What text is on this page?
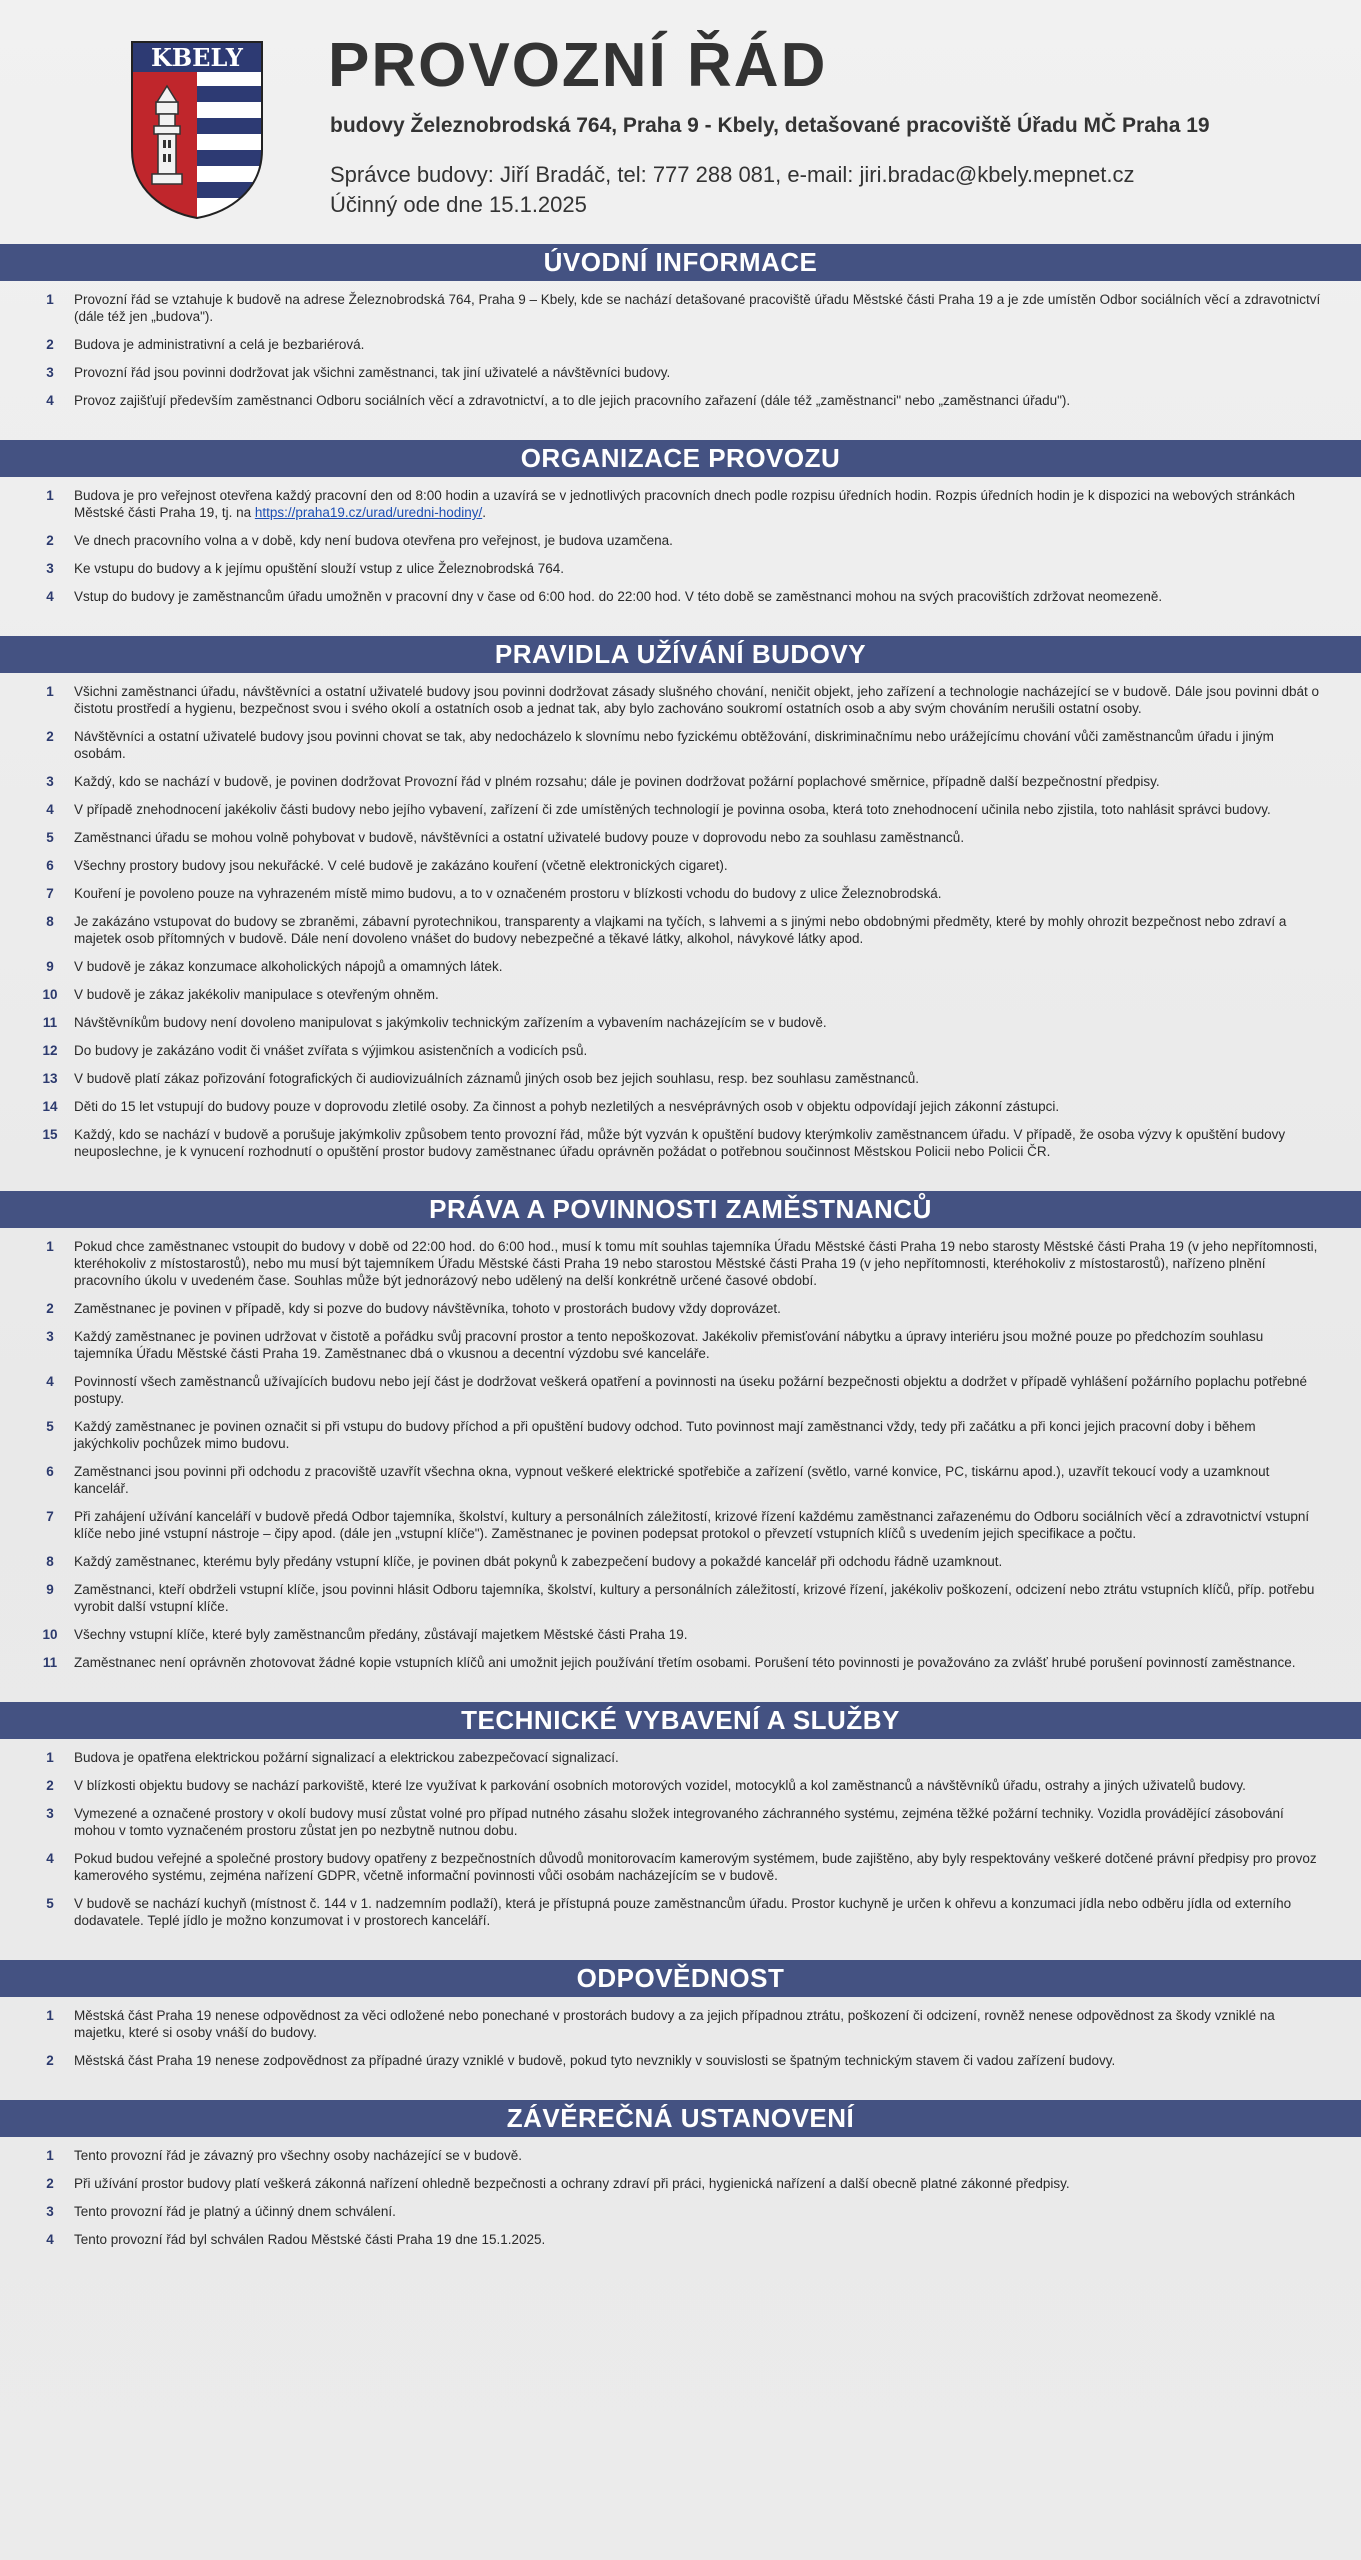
KBELY PROVOZNÍ ŘÁD
budovy Železnobrodská 764, Praha 9 - Kbely, detašované pracoviště Úřadu MČ Praha 19
Správce budovy: Jiří Bradáč, tel: 777 288 081, e-mail: jiri.bradac@kbely.mepnet.cz
Účinný ode dne 15.1.2025
ÚVODNÍ INFORMACE
1	Provozní řád se vztahuje k budově na adrese Železnobrodská 764, Praha 9 – Kbely, kde se nachází detašované pracoviště úřadu Městské části Praha 19 a je zde umístěn Odbor sociálních věcí a zdravotnictví (dále též jen „budova").
2	Budova je administrativní a celá je bezbariérová.
3	Provozní řád jsou povinni dodržovat jak všichni zaměstnanci, tak jiní uživatelé a návštěvníci budovy.
4	Provoz zajišťují především zaměstnanci Odboru sociálních věcí a zdravotnictví, a to dle jejich pracovního zařazení (dále též „zaměstnanci" nebo „zaměstnanci úřadu").
ORGANIZACE PROVOZU
1	Budova je pro veřejnost otevřena každý pracovní den od 8:00 hodin a uzavírá se v jednotlivých pracovních dnech podle rozpisu úředních hodin. Rozpis úředních hodin je k dispozici na webových stránkách Městské části Praha 19, tj. na https://praha19.cz/urad/uredni-hodiny/.
2	Ve dnech pracovního volna a v době, kdy není budova otevřena pro veřejnost, je budova uzamčena.
3	Ke vstupu do budovy a k jejímu opuštění slouží vstup z ulice Železnobrodská 764.
4	Vstup do budovy je zaměstnancům úřadu umožněn v pracovní dny v čase od 6:00 hod. do 22:00 hod. V této době se zaměstnanci mohou na svých pracovištích zdržovat neomezeně.
PRAVIDLA UŽÍVÁNÍ BUDOVY
1	Všichni zaměstnanci úřadu, návštěvníci a ostatní uživatelé budovy jsou povinni dodržovat zásady slušného chování, neničit objekt, jeho zařízení a technologie nacházející se v budově. Dále jsou povinni dbát o čistotu prostředí a hygienu, bezpečnost svou i svého okolí a ostatních osob a jednat tak, aby bylo zachováno soukromí ostatních osob a aby svým chováním nerušili ostatní osoby.
2	Návštěvníci a ostatní uživatelé budovy jsou povinni chovat se tak, aby nedocházelo k slovnímu nebo fyzickému obtěžování, diskriminačnímu nebo urážejícímu chování vůči zaměstnancům úřadu i jiným osobám.
3	Každý, kdo se nachází v budově, je povinen dodržovat Provozní řád v plném rozsahu; dále je povinen dodržovat požární poplachové směrnice, případně další bezpečnostní předpisy.
4	V případě znehodnocení jakékoliv části budovy nebo jejího vybavení, zařízení či zde umístěných technologií je povinna osoba, která toto znehodnocení učinila nebo zjistila, toto nahlásit správci budovy.
5	Zaměstnanci úřadu se mohou volně pohybovat v budově, návštěvníci a ostatní uživatelé budovy pouze v doprovodu nebo za souhlasu zaměstnanců.
6	Všechny prostory budovy jsou nekuřácké. V celé budově je zakázáno kouření (včetně elektronických cigaret).
7	Kouření je povoleno pouze na vyhrazeném místě mimo budovu, a to v označeném prostoru v blízkosti vchodu do budovy z ulice Železnobrodská.
8	Je zakázáno vstupovat do budovy se zbraněmi, zábavní pyrotechnikou, transparenty a vlajkami na tyčích, s lahvemi a s jinými nebo obdobnými předměty, které by mohly ohrozit bezpečnost nebo zdraví a majetek osob přítomných v budově. Dále není dovoleno vnášet do budovy nebezpečné a těkavé látky, alkohol, návykové látky apod.
9	V budově je zákaz konzumace alkoholických nápojů a omamných látek.
10	V budově je zákaz jakékoliv manipulace s otevřeným ohněm.
11	Návštěvníkům budovy není dovoleno manipulovat s jakýmkoliv technickým zařízením a vybavením nacházejícím se v budově.
12	Do budovy je zakázáno vodit či vnášet zvířata s výjimkou asistenčních a vodicích psů.
13	V budově platí zákaz pořizování fotografických či audiovizuálních záznamů jiných osob bez jejich souhlasu, resp. bez souhlasu zaměstnanců.
14	Děti do 15 let vstupují do budovy pouze v doprovodu zletilé osoby. Za činnost a pohyb nezletilých a nesvéprávných osob v objektu odpovídají jejich zákonní zástupci.
15	Každý, kdo se nachází v budově a porušuje jakýmkoliv způsobem tento provozní řád, může být vyzván k opuštění budovy kterýmkoliv zaměstnancem úřadu. V případě, že osoba výzvy k opuštění budovy neuposlechne, je k vynucení rozhodnutí o opuštění prostor budovy zaměstnanec úřadu oprávněn požádat o potřebnou součinnost Městskou Policii nebo Policii ČR.
PRÁVA A POVINNOSTI ZAMĚSTNANCŮ
1	Pokud chce zaměstnanec vstoupit do budovy v době od 22:00 hod. do 6:00 hod., musí k tomu mít souhlas tajemníka Úřadu Městské části Praha 19 nebo starosty Městské části Praha 19 (v jeho nepřítomnosti, kteréhokoliv z místostarostů), nebo mu musí být tajemníkem Úřadu Městské části Praha 19 nebo starostou Městské části Praha 19 (v jeho nepřítomnosti, kteréhokoliv z místostarostů), nařízeno plnění pracovního úkolu v uvedeném čase. Souhlas může být jednorázový nebo udělený na delší konkrétně určené časové období.
2	Zaměstnanec je povinen v případě, kdy si pozve do budovy návštěvníka, tohoto v prostorách budovy vždy doprovázet.
3	Každý zaměstnanec je povinen udržovat v čistotě a pořádku svůj pracovní prostor a tento nepoškozovat. Jakékoliv přemisťování nábytku a úpravy interiéru jsou možné pouze po předchozím souhlasu tajemníka Úřadu Městské části Praha 19. Zaměstnanec dbá o vkusnou a decentní výzdobu své kanceláře.
4	Povinností všech zaměstnanců užívajících budovu nebo její část je dodržovat veškerá opatření a povinnosti na úseku požární bezpečnosti objektu a dodržet v případě vyhlášení požárního poplachu potřebné postupy.
5	Každý zaměstnanec je povinen označit si při vstupu do budovy příchod a při opuštění budovy odchod. Tuto povinnost mají zaměstnanci vždy, tedy při začátku a při konci jejich pracovní doby i během jakýchkoliv pochůzek mimo budovu.
6	Zaměstnanci jsou povinni při odchodu z pracoviště uzavřít všechna okna, vypnout veškeré elektrické spotřebiče a zařízení (světlo, varné konvice, PC, tiskárnu apod.), uzavřít tekoucí vody a uzamknout kancelář.
7	Při zahájení užívání kanceláří v budově předá Odbor tajemníka, školství, kultury a personálních záležitostí, krizové řízení každému zaměstnanci zařazenému do Odboru sociálních věcí a zdravotnictví vstupní klíče nebo jiné vstupní nástroje – čipy apod. (dále jen „vstupní klíče"). Zaměstnanec je povinen podepsat protokol o převzetí vstupních klíčů s uvedením jejich specifikace a počtu.
8	Každý zaměstnanec, kterému byly předány vstupní klíče, je povinen dbát pokynů k zabezpečení budovy a pokaždé kancelář při odchodu řádně uzamknout.
9	Zaměstnanci, kteří obdrželi vstupní klíče, jsou povinni hlásit Odboru tajemníka, školství, kultury a personálních záležitostí, krizové řízení, jakékoliv poškození, odcizení nebo ztrátu vstupních klíčů, příp. potřebu vyrobit další vstupní klíče.
10	Všechny vstupní klíče, které byly zaměstnancům předány, zůstávají majetkem Městské části Praha 19.
11	Zaměstnanec není oprávněn zhotovovat žádné kopie vstupních klíčů ani umožnit jejich používání třetím osobami. Porušení této povinnosti je považováno za zvlášť hrubé porušení povinností zaměstnance.
TECHNICKÉ VYBAVENÍ A SLUŽBY
1	Budova je opatřena elektrickou požární signalizací a elektrickou zabezpečovací signalizací.
2	V blízkosti objektu budovy se nachází parkoviště, které lze využívat k parkování osobních motorových vozidel, motocyklů a kol zaměstnanců a návštěvníků úřadu, ostrahy a jiných uživatelů budovy.
3	Vymezené a označené prostory v okolí budovy musí zůstat volné pro případ nutného zásahu složek integrovaného záchranného systému, zejména těžké požární techniky. Vozidla provádějící zásobování mohou v tomto vyznačeném prostoru zůstat jen po nezbytně nutnou dobu.
4	Pokud budou veřejné a společné prostory budovy opatřeny z bezpečnostních důvodů monitorovacím kamerovým systémem, bude zajištěno, aby byly respektovány veškeré dotčené právní předpisy pro provoz kamerového systému, zejména nařízení GDPR, včetně informační povinnosti vůči osobám nacházejícím se v budově.
5	V budově se nachází kuchyň (místnost č. 144 v 1. nadzemním podlaží), která je přístupná pouze zaměstnancům úřadu. Prostor kuchyně je určen k ohřevu a konzumaci jídla nebo odběru jídla od externího dodavatele. Teplé jídlo je možno konzumovat i v prostorech kanceláří.
ODPOVĚDNOST
1	Městská část Praha 19 nenese odpovědnost za věci odložené nebo ponechané v prostorách budovy a za jejich případnou ztrátu, poškození či odcizení, rovněž nenese odpovědnost za škody vzniklé na majetku, které si osoby vnáší do budovy.
2	Městská část Praha 19 nenese zodpovědnost za případné úrazy vzniklé v budově, pokud tyto nevznikly v souvislosti se špatným technickým stavem či vadou zařízení budovy.
ZÁVĚREČNÁ USTANOVENÍ
1	Tento provozní řád je závazný pro všechny osoby nacházející se v budově.
2	Při užívání prostor budovy platí veškerá zákonná nařízení ohledně bezpečnosti a ochrany zdraví při práci, hygienická nařízení a další obecně platné zákonné předpisy.
3	Tento provozní řád je platný a účinný dnem schválení.
4	Tento provozní řád byl schválen Radou Městské části Praha 19 dne 15.1.2025.
